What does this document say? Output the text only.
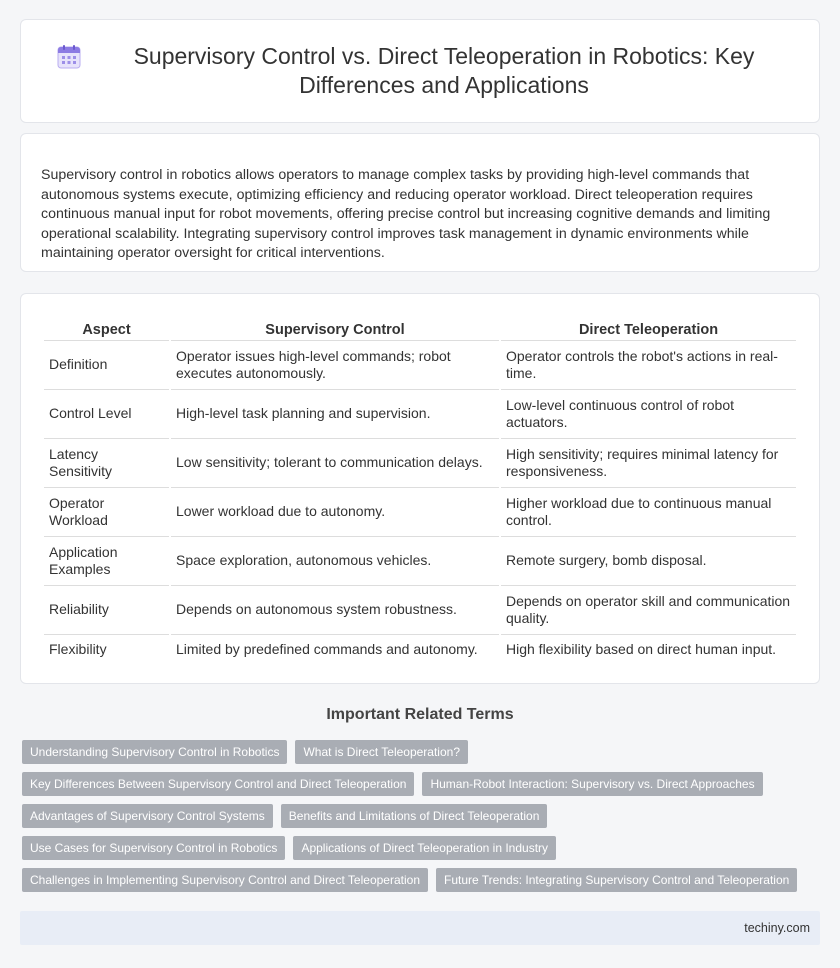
Supervisory Control vs. Direct Teleoperation in Robotics: Key Differences and Applications

Supervisory control in robotics allows operators to manage complex tasks by providing high-level commands that autonomous systems execute, optimizing efficiency and reducing operator workload. Direct teleoperation requires continuous manual input for robot movements, offering precise control but increasing cognitive demands and limiting operational scalability. Integrating supervisory control improves task management in dynamic environments while maintaining operator oversight for critical interventions.

Aspect	Supervisory Control	Direct Teleoperation
Definition	Operator issues high-level commands; robot executes autonomously.	Operator controls the robot's actions in real-time.
Control Level	High-level task planning and supervision.	Low-level continuous control of robot actuators.
Latency Sensitivity	Low sensitivity; tolerant to communication delays.	High sensitivity; requires minimal latency for responsiveness.
Operator Workload	Lower workload due to autonomy.	Higher workload due to continuous manual control.
Application Examples	Space exploration, autonomous vehicles.	Remote surgery, bomb disposal.
Reliability	Depends on autonomous system robustness.	Depends on operator skill and communication quality.
Flexibility	Limited by predefined commands and autonomy.	High flexibility based on direct human input.
Important Related Terms
Understanding Supervisory Control in Robotics	What is Direct Teleoperation?
Key Differences Between Supervisory Control and Direct Teleoperation	Human-Robot Interaction: Supervisory vs. Direct Approaches
Advantages of Supervisory Control Systems	Benefits and Limitations of Direct Teleoperation
Use Cases for Supervisory Control in Robotics	Applications of Direct Teleoperation in Industry
Challenges in Implementing Supervisory Control and Direct Teleoperation	Future Trends: Integrating Supervisory Control and Teleoperation
techiny.com
